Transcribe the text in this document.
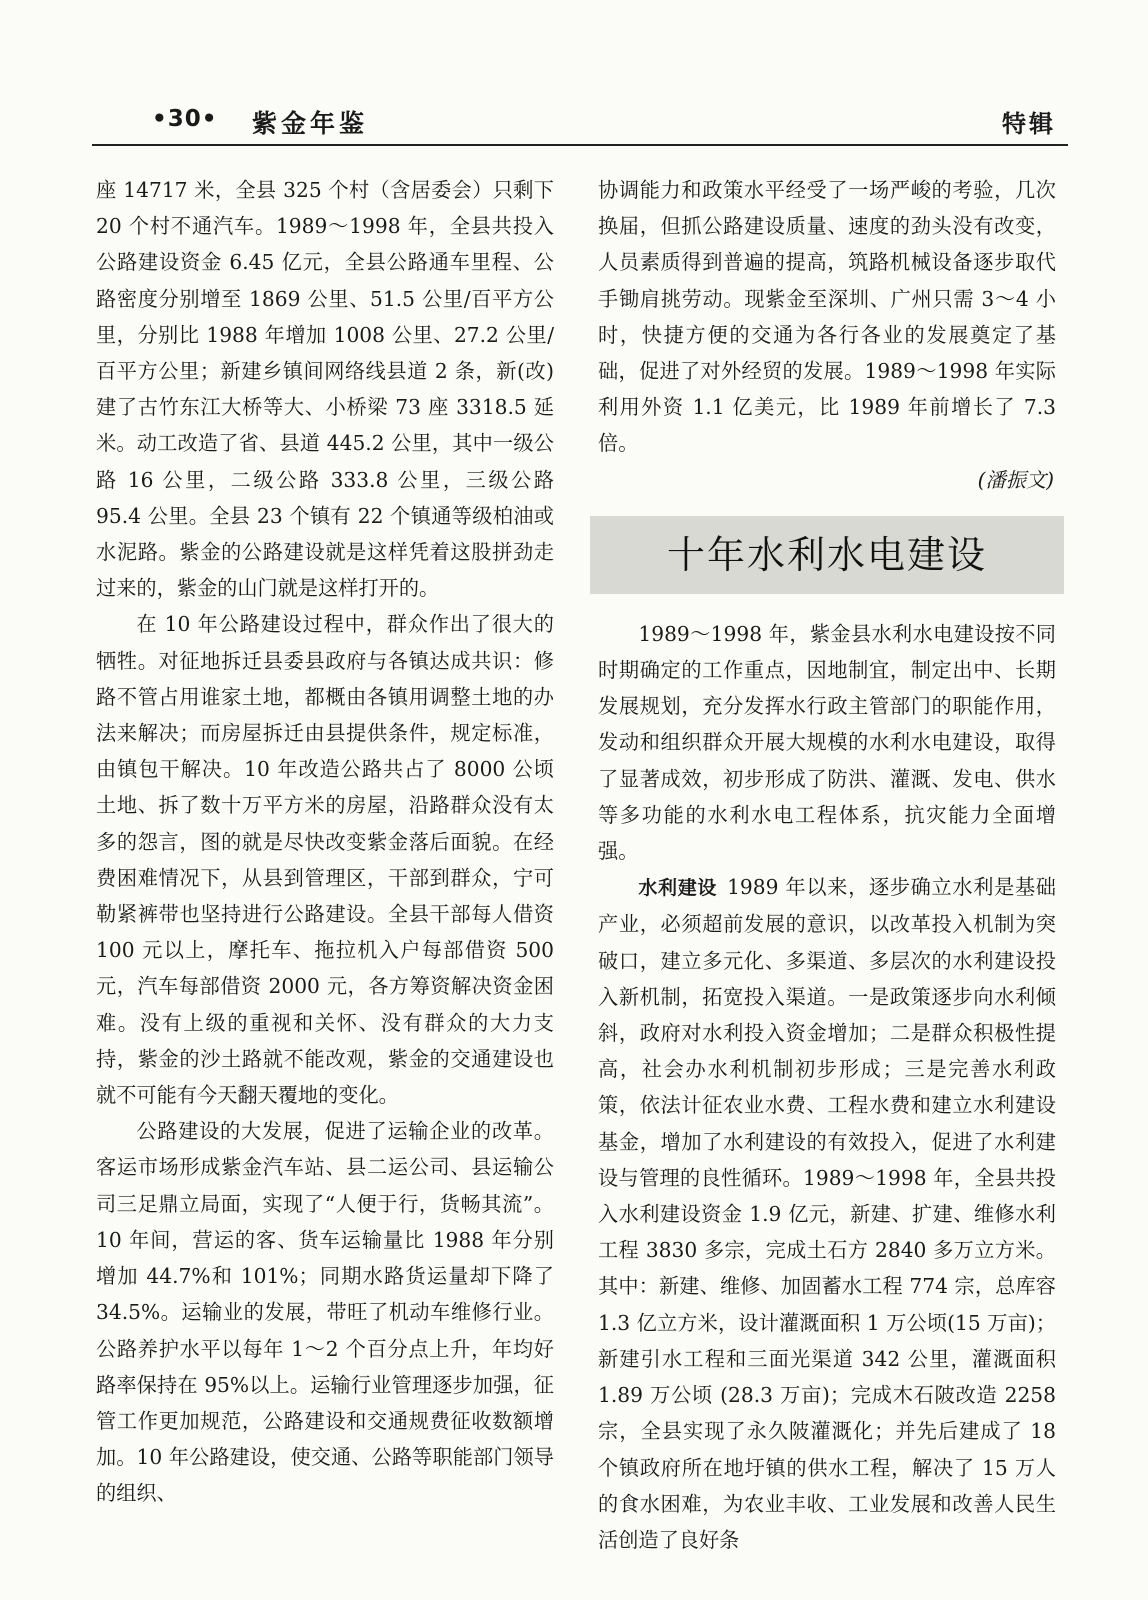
•30• 紫金年鉴	特辑

座 14717 米，全县 325 个村（含居委会）只剩下 20 个村不通汽车。1989～1998 年，全县共投入公路建设资金 6.45 亿元，全县公路通车里程、公路密度分别增至 1869 公里、51.5 公里/百平方公里，分别比 1988 年增加 1008 公里、27.2 公里/百平方公里；新建乡镇间网络线县道 2 条，新(改)建了古竹东江大桥等大、小桥梁 73 座 3318.5 延米。动工改造了省、县道 445.2 公里，其中一级公路 16 公里，二级公路 333.8 公里，三级公路 95.4 公里。全县 23 个镇有 22 个镇通等级柏油或水泥路。紫金的公路建设就是这样凭着这股拼劲走过来的，紫金的山门就是这样打开的。

在 10 年公路建设过程中，群众作出了很大的牺牲。对征地拆迁县委县政府与各镇达成共识：修路不管占用谁家土地，都概由各镇用调整土地的办法来解决；而房屋拆迁由县提供条件，规定标准，由镇包干解决。10 年改造公路共占了 8000 公顷土地、拆了数十万平方米的房屋，沿路群众没有太多的怨言，图的就是尽快改变紫金落后面貌。在经费困难情况下，从县到管理区，干部到群众，宁可勒紧裤带也坚持进行公路建设。全县干部每人借资 100 元以上，摩托车、拖拉机入户每部借资 500 元，汽车每部借资 2000 元，各方筹资解决资金困难。没有上级的重视和关怀、没有群众的大力支持，紫金的沙土路就不能改观，紫金的交通建设也就不可能有今天翻天覆地的变化。

公路建设的大发展，促进了运输企业的改革。客运市场形成紫金汽车站、县二运公司、县运输公司三足鼎立局面，实现了“人便于行，货畅其流”。10 年间，营运的客、货车运输量比 1988 年分别增加 44.7%和 101%；同期水路货运量却下降了 34.5%。运输业的发展，带旺了机动车维修行业。公路养护水平以每年 1～2 个百分点上升，年均好路率保持在 95%以上。运输行业管理逐步加强，征管工作更加规范，公路建设和交通规费征收数额增加。10 年公路建设，使交通、公路等职能部门领导的组织、

协调能力和政策水平经受了一场严峻的考验，几次换届，但抓公路建设质量、速度的劲头没有改变，人员素质得到普遍的提高，筑路机械设备逐步取代手锄肩挑劳动。现紫金至深圳、广州只需 3～4 小时，快捷方便的交通为各行各业的发展奠定了基础，促进了对外经贸的发展。1989～1998 年实际利用外资 1.1 亿美元，比 1989 年前增长了 7.3 倍。

(潘振文)

十年水利水电建设

1989～1998 年，紫金县水利水电建设按不同时期确定的工作重点，因地制宜，制定出中、长期发展规划，充分发挥水行政主管部门的职能作用，发动和组织群众开展大规模的水利水电建设，取得了显著成效，初步形成了防洪、灌溉、发电、供水等多功能的水利水电工程体系，抗灾能力全面增强。

水利建设 1989 年以来，逐步确立水利是基础产业，必须超前发展的意识，以改革投入机制为突破口，建立多元化、多渠道、多层次的水利建设投入新机制，拓宽投入渠道。一是政策逐步向水利倾斜，政府对水利投入资金增加；二是群众积极性提高，社会办水利机制初步形成；三是完善水利政策，依法计征农业水费、工程水费和建立水利建设基金，增加了水利建设的有效投入，促进了水利建设与管理的良性循环。1989～1998 年，全县共投入水利建设资金 1.9 亿元，新建、扩建、维修水利工程 3830 多宗，完成土石方 2840 多万立方米。其中：新建、维修、加固蓄水工程 774 宗，总库容 1.3 亿立方米，设计灌溉面积 1 万公顷(15 万亩)；新建引水工程和三面光渠道 342 公里，灌溉面积 1.89 万公顷 (28.3 万亩)；完成木石陂改造 2258 宗，全县实现了永久陂灌溉化；并先后建成了 18 个镇政府所在地圩镇的供水工程，解决了 15 万人的食水困难，为农业丰收、工业发展和改善人民生活创造了良好条
